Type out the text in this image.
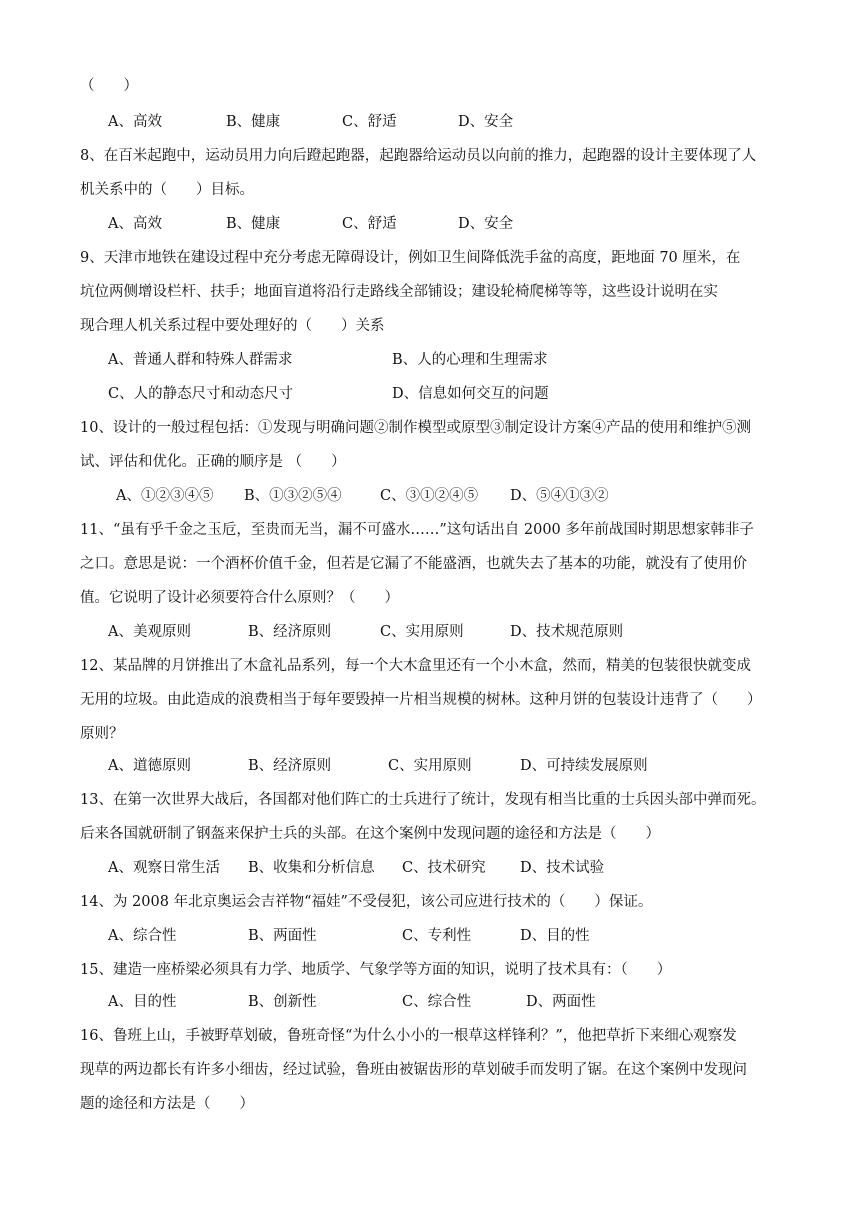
（　　）
A、高效	B、健康	C、舒适	D、安全
8、在百米起跑中，运动员用力向后蹬起跑器，起跑器给运动员以向前的推力，起跑器的设计主要体现了人
机关系中的（　　）目标。
A、高效	B、健康	C、舒适	D、安全
9、天津市地铁在建设过程中充分考虑无障碍设计，例如卫生间降低洗手盆的高度，距地面 70 厘米，在
坑位两侧增设栏杆、扶手；地面盲道将沿行走路线全部铺设；建设轮椅爬梯等等，这些设计说明在实
现合理人机关系过程中要处理好的（　　）关系
A、普通人群和特殊人群需求	B、人的心理和生理需求
C、人的静态尺寸和动态尺寸	D、信息如何交互的问题
10、设计的一般过程包括：①发现与明确问题②制作模型或原型③制定设计方案④产品的使用和维护⑤测
试、评估和优化。正确的顺序是 （　　）
A、①②③④⑤ B、①③②⑤④	C、③①②④⑤ D、⑤④①③②
11、“虽有乎千金之玉卮，至贵而无当，漏不可盛水……”这句话出自 2000 多年前战国时期思想家韩非子
之口。意思是说：一个酒杯价值千金，但若是它漏了不能盛酒，也就失去了基本的功能，就没有了使用价
值。它说明了设计必须要符合什么原则？（　　）
A、美观原则	B、经济原则	C、实用原则	D、技术规范原则
12、某品牌的月饼推出了木盒礼品系列，每一个大木盒里还有一个小木盒，然而，精美的包装很快就变成
无用的垃圾。由此造成的浪费相当于每年要毁掉一片相当规模的树林。这种月饼的包装设计违背了（　　）
原则？
A、道德原则	B、经济原则	C、实用原则	D、可持续发展原则
13、在第一次世界大战后，各国都对他们阵亡的士兵进行了统计，发现有相当比重的士兵因头部中弹而死。
后来各国就研制了钢盔来保护士兵的头部。在这个案例中发现问题的途径和方法是（　　）
A、观察日常生活 B、收集和分析信息 C、技术研究 D、技术试验
14、为 2008 年北京奥运会吉祥物“福娃”不受侵犯，该公司应进行技术的（　　）保证。
A、综合性	B、两面性	C、专利性	D、目的性
15、建造一座桥梁必须具有力学、地质学、气象学等方面的知识，说明了技术具有：（　　）
A、目的性	B、创新性	C、综合性	D、两面性
16、鲁班上山，手被野草划破，鲁班奇怪“为什么小小的一根草这样锋利？”，他把草折下来细心观察发
现草的两边都长有许多小细齿，经过试验，鲁班由被锯齿形的草划破手而发明了锯。在这个案例中发现问
题的途径和方法是（　　）
